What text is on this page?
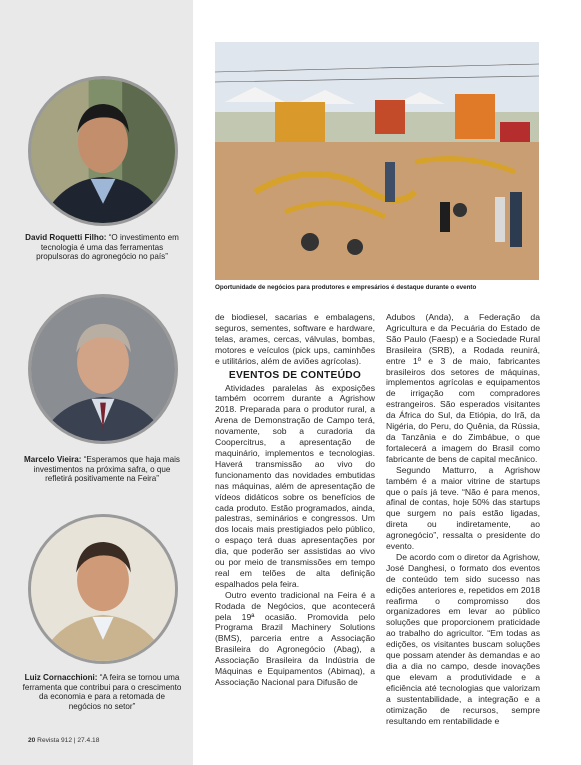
David Roquetti Filho: “O investimento em tecnologia é uma das ferramentas propulsoras do agronegócio no país”
Marcelo Vieira: “Esperamos que haja mais investimentos na próxima safra, o que refletirá positivamente na Feira”
Luiz Cornacchioni: “A feira se tornou uma ferramenta que contribui para o crescimento da economia e para a retomada de negócios no setor”
Oportunidade de negócios para produtores e empresários é destaque durante o evento

de biodiesel, sacarias e embalagens, seguros, sementes, software e hardware, telas, arames, cercas, válvulas, bombas, motores e veículos (pick ups, caminhões e utilitários, além de aviões agrícolas).

EVENTOS DE CONTEÚDO

Atividades paralelas às exposições também ocorrem durante a Agrishow 2018. Preparada para o produtor rural, a Arena de Demonstração de Campo terá, novamente, sob a curadoria da Coopercitrus, a apresentação de maquinário, implementos e tecnologias. Haverá transmissão ao vivo do funcionamento das novidades embutidas nas máquinas, além de apresentação de vídeos didáticos sobre os benefícios de cada produto. Estão programados, ainda, palestras, seminários e congressos. Um dos locais mais prestigiados pelo público, o espaço terá duas apresentações por dia, que poderão ser assistidas ao vivo ou por meio de transmissões em tempo real em telões de alta definição espalhados pela feira.

Outro evento tradicional na Feira é a Rodada de Negócios, que acontecerá pela 19ª ocasião. Promovida pelo Programa Brazil Machinery Solutions (BMS), parceria entre a Associação Brasileira do Agronegócio (Abag), a Associação Brasileira da Indústria de Máquinas e Equipamentos (Abimaq), a Associação Nacional para Difusão de

Adubos (Anda), a Federação da Agricultura e da Pecuária do Estado de São Paulo (Faesp) e a Sociedade Rural Brasileira (SRB), a Rodada reunirá, entre 1º e 3 de maio, fabricantes brasileiros dos setores de máquinas, implementos agrícolas e equipamentos de irrigação com compradores estrangeiros. São esperados visitantes da África do Sul, da Etiópia, do Irã, da Nigéria, do Peru, do Quênia, da Rússia, da Tanzânia e do Zimbábue, o que fortalecerá a imagem do Brasil como fabricante de bens de capital mecânico.

Segundo Matturro, a Agrishow também é a maior vitrine de startups que o país já teve. “Não é para menos, afinal de contas, hoje 50% das startups que surgem no país estão ligadas, direta ou indiretamente, ao agronegócio”, ressalta o presidente do evento.

De acordo com o diretor da Agrishow, José Danghesi, o formato dos eventos de conteúdo tem sido sucesso nas edições anteriores e, repetidos em 2018 reafirma o compromisso dos organizadores em levar ao público soluções que proporcionem praticidade ao trabalho do agricultor. “Em todas as edições, os visitantes buscam soluções que possam atender às demandas e ao dia a dia no campo, desde inovações que elevam a produtividade e a eficiência até tecnologias que valorizam a sustentabilidade, a integração e a otimização de recursos, sempre resultando em rentabilidade e

20 Revista 912 | 27.4.18
